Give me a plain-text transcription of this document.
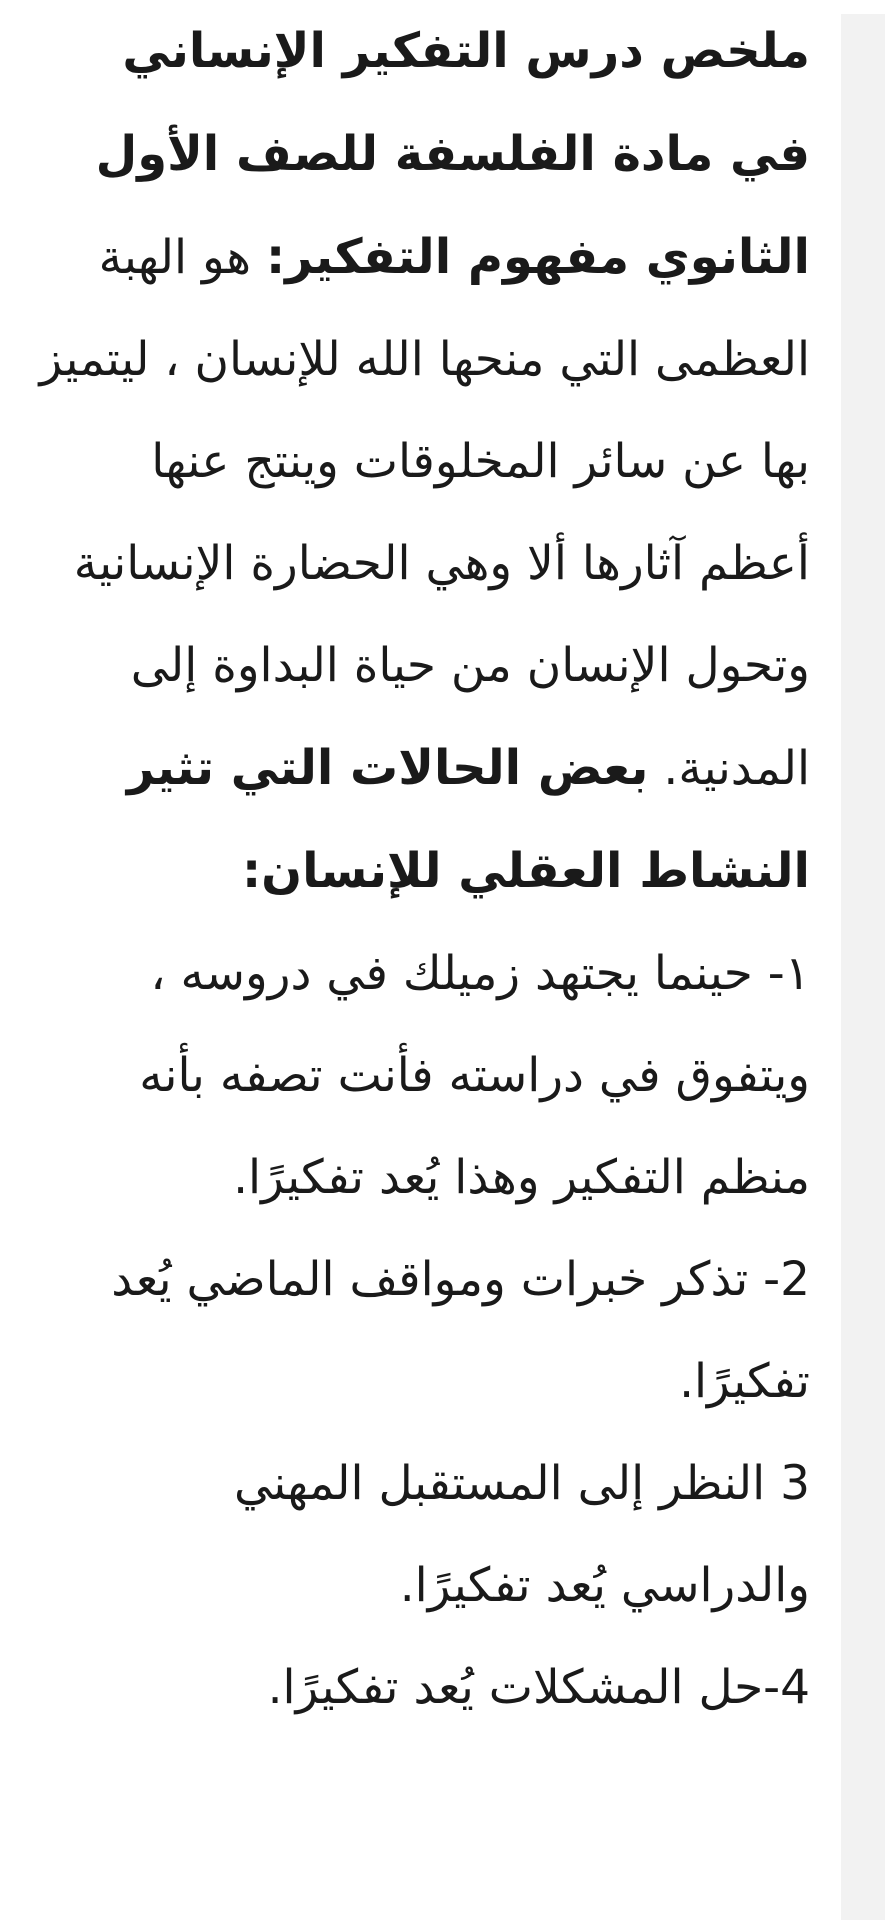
ملخص درس التفكير الإنساني في مادة الفلسفة للصف الأول الثانوي مفهوم التفكير: هو الهبة العظمى التي منحها الله للإنسان ، ليتميز بها عن سائر المخلوقات وينتج عنها أعظم آثارها ألا وهي الحضارة الإنسانية وتحول الإنسان من حياة البداوة إلى المدنية. بعض الحالات التي تثير النشاط العقلي للإنسان:

١- حينما يجتهد زميلك في دروسه ، ويتفوق في دراسته فأنت تصفه بأنه منظم التفكير وهذا يُعد تفكيرًا.

2- تذكر خبرات ومواقف الماضي يُعد تفكيرًا.

3 النظر إلى المستقبل المهني والدراسي يُعد تفكيرًا.

4-حل المشكلات يُعد تفكيرًا.
